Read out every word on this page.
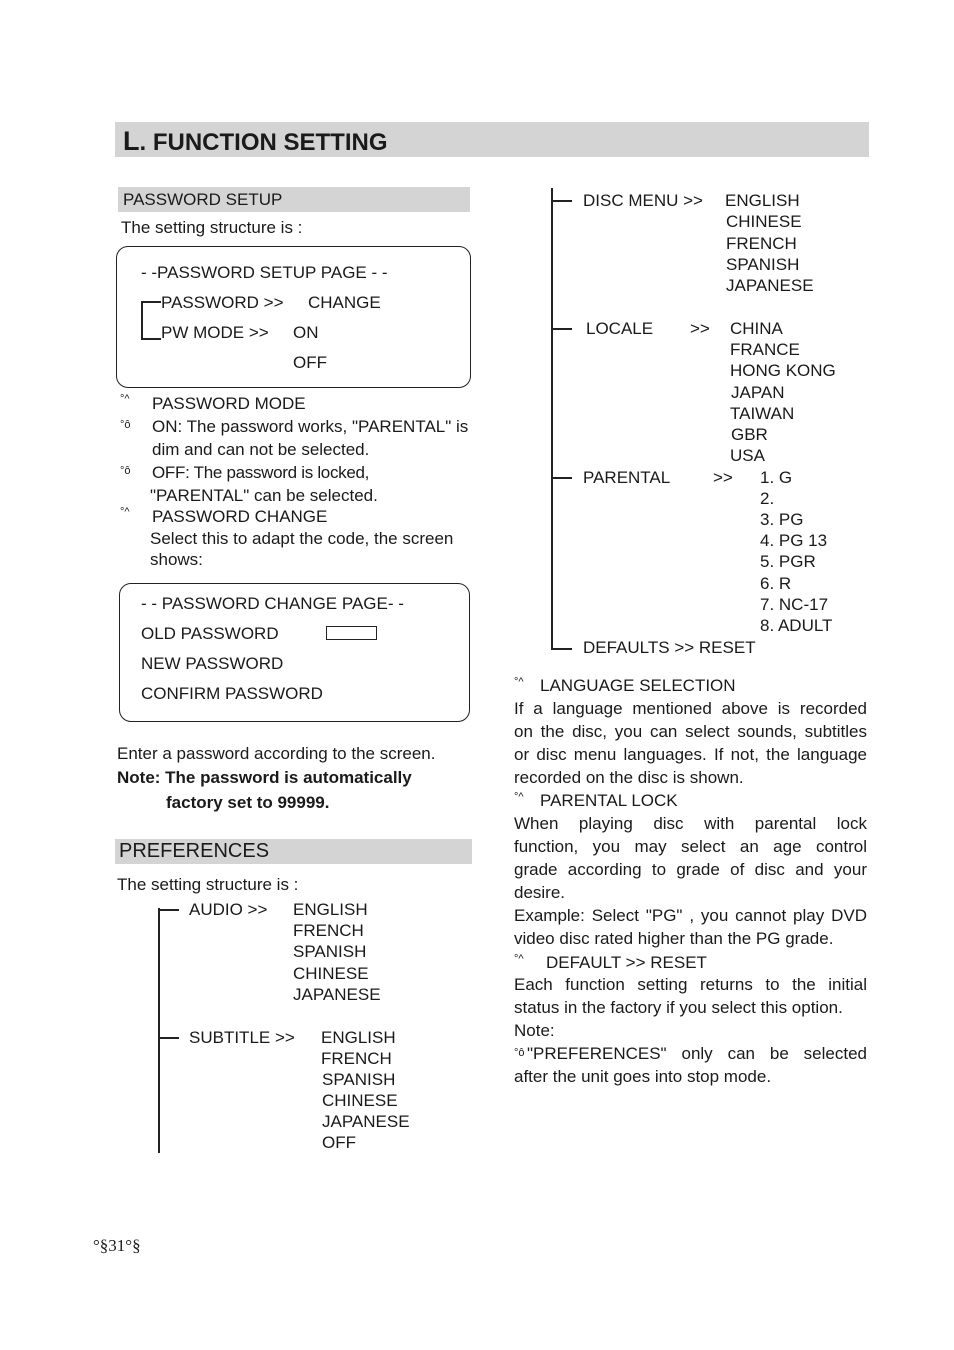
L. FUNCTION SETTING
PASSWORD SETUP
The setting structure is :
- -PASSWORD SETUP PAGE - -
PASSWORD >> CHANGE
PW MODE >> ON
OFF
°^ PASSWORD MODE
°ô ON: The password works, "PARENTAL" is
dim and can not be selected.
°ô OFF: The password is locked,
"PARENTAL" can be selected.
°^ PASSWORD CHANGE
Select this to adapt the code, the screen
shows:
- - PASSWORD CHANGE PAGE- -
OLD PASSWORD
NEW PASSWORD
CONFIRM PASSWORD
Enter a password according to the screen.
Note: The password is automatically
factory set to 99999.
PREFERENCES
The setting structure is :
AUDIO >> ENGLISH
FRENCH
SPANISH
CHINESE
JAPANESE
SUBTITLE >> ENGLISH
FRENCH
SPANISH
CHINESE
JAPANESE
OFF
DISC MENU >> ENGLISH
CHINESE
FRENCH
SPANISH
JAPANESE
LOCALE >> CHINA
FRANCE
HONG KONG
JAPAN
TAIWAN
GBR
USA
PARENTAL	>> 1. G
2.
3. PG
4. PG 13
5. PGR
6. R
7. NC-17
8. ADULT
DEFAULTS >> RESET
°^ LANGUAGE SELECTION
If a language mentioned above is recorded
on the disc, you can select sounds, subtitles
or disc menu languages. If not, the language
recorded on the disc is shown.
°^ PARENTAL LOCK
When playing disc with parental lock
function, you may select an age control
grade according to grade of disc and your
desire.
Example: Select "PG" , you cannot play DVD
video disc rated higher than the PG grade.
°^ DEFAULT >> RESET
Each function setting returns to the initial
status in the factory if you select this option.
Note:
°ô "PREFERENCES" only can be selected
after the unit goes into stop mode.
°§31°§
